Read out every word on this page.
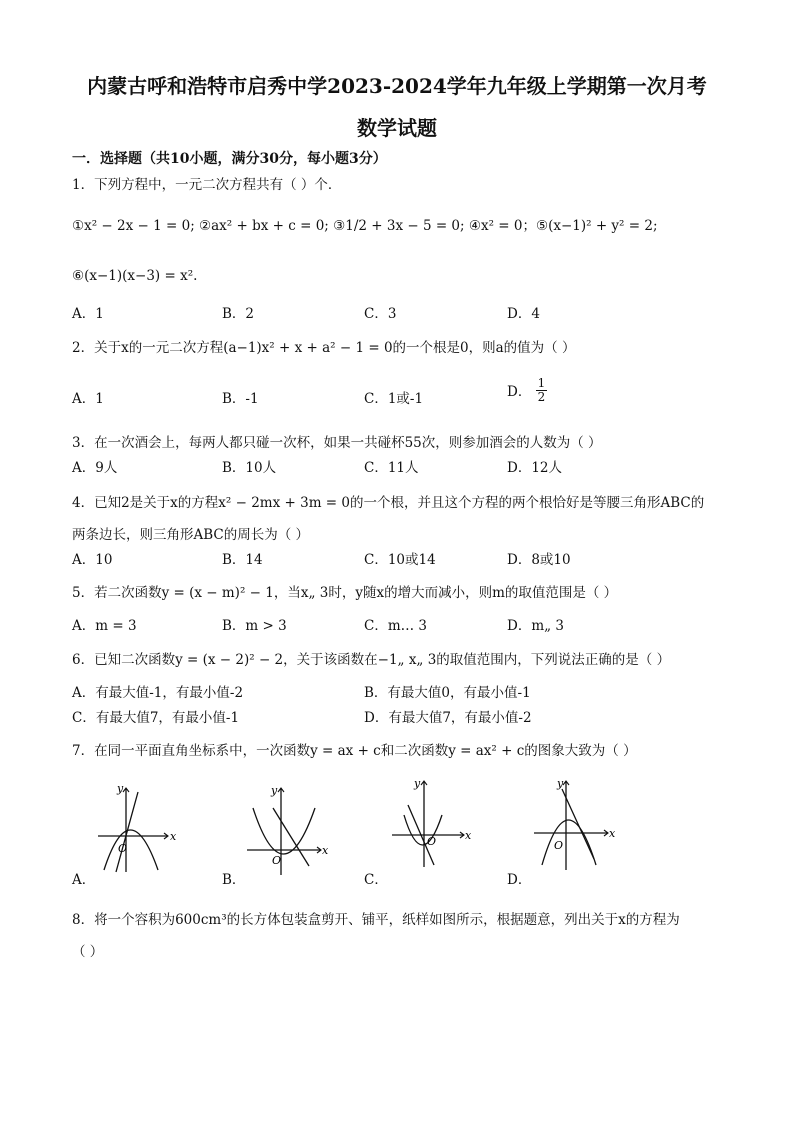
内蒙古呼和浩特市启秀中学2023-2024学年九年级上学期第一次月考
数学试题
一．选择题（共10小题，满分30分，每小题3分）
1．下列方程中，一元二次方程共有（ ）个．
①x² − 2x − 1 = 0; ②ax² + bx + c = 0; ③1/2 + 3x − 5 = 0; ④x² = 0；⑤(x−1)² + y² = 2;
⑥(x−1)(x−3) = x².
A．1	B．2	C．3	D．4
2．关于x的一元二次方程(a−1)x² + x + a² − 1 = 0的一个根是0，则a的值为（ ）
A．1	B．-1	C．1或-1	D． $\frac{1}{2}$
3．在一次酒会上，每两人都只碰一次杯，如果一共碰杯55次，则参加酒会的人数为（ ）
A．9人	B．10人	C．11人	D．12人
4．已知2是关于x的方程x² − 2mx + 3m = 0的一个根，并且这个方程的两个根恰好是等腰三角形ABC的
两条边长，则三角形ABC的周长为（ ）
A．10	B．14	C．10或14	D．8或10
5．若二次函数y = (x − m)² − 1，当x„ 3时，y随x的增大而减小，则m的取值范围是（ ）
A．m = 3	B．m > 3	C．m… 3	D．m„ 3
6．已知二次函数y = (x − 2)² − 2，关于该函数在−1„ x„ 3的取值范围内，下列说法正确的是（ ）
A．有最大值-1，有最小值-2	B．有最大值0，有最小值-1
C．有最大值7，有最小值-1	D．有最大值7，有最小值-2
7．在同一平面直角坐标系中，一次函数y = ax + c和二次函数y = ax² + c的图象大致为（ ）
y
x
O
A．
y
x
O
B．
y
x
O
C．
y
x
O
D．
8．将一个容积为600cm³的长方体包装盒剪开、铺平，纸样如图所示，根据题意，列出关于x的方程为
（ ）
